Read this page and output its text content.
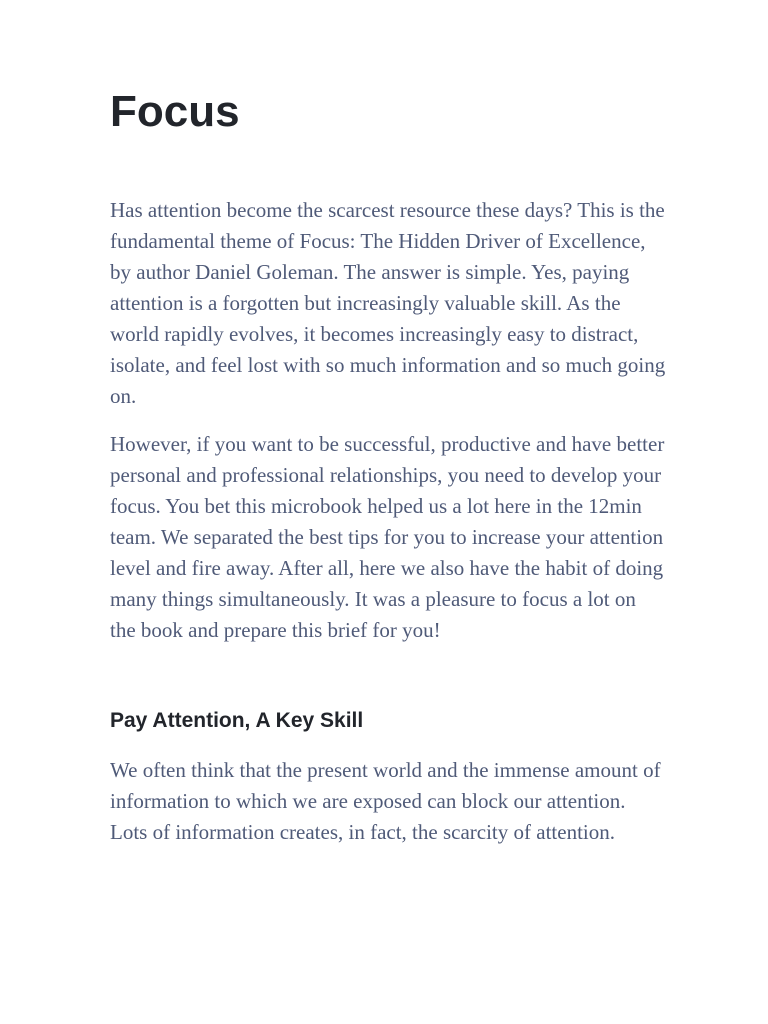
Focus

Has attention become the scarcest resource these days? This is the fundamental theme of Focus: The Hidden Driver of Excellence, by author Daniel Goleman. The answer is simple. Yes, paying attention is a forgotten but increasingly valuable skill. As the world rapidly evolves, it becomes increasingly easy to distract, isolate, and feel lost with so much information and so much going on.

However, if you want to be successful, productive and have better personal and professional relationships, you need to develop your focus. You bet this microbook helped us a lot here in the 12min team. We separated the best tips for you to increase your attention level and fire away. After all, here we also have the habit of doing many things simultaneously. It was a pleasure to focus a lot on the book and prepare this brief for you!

Pay Attention, A Key Skill

We often think that the present world and the immense amount of information to which we are exposed can block our attention. Lots of information creates, in fact, the scarcity of attention.
